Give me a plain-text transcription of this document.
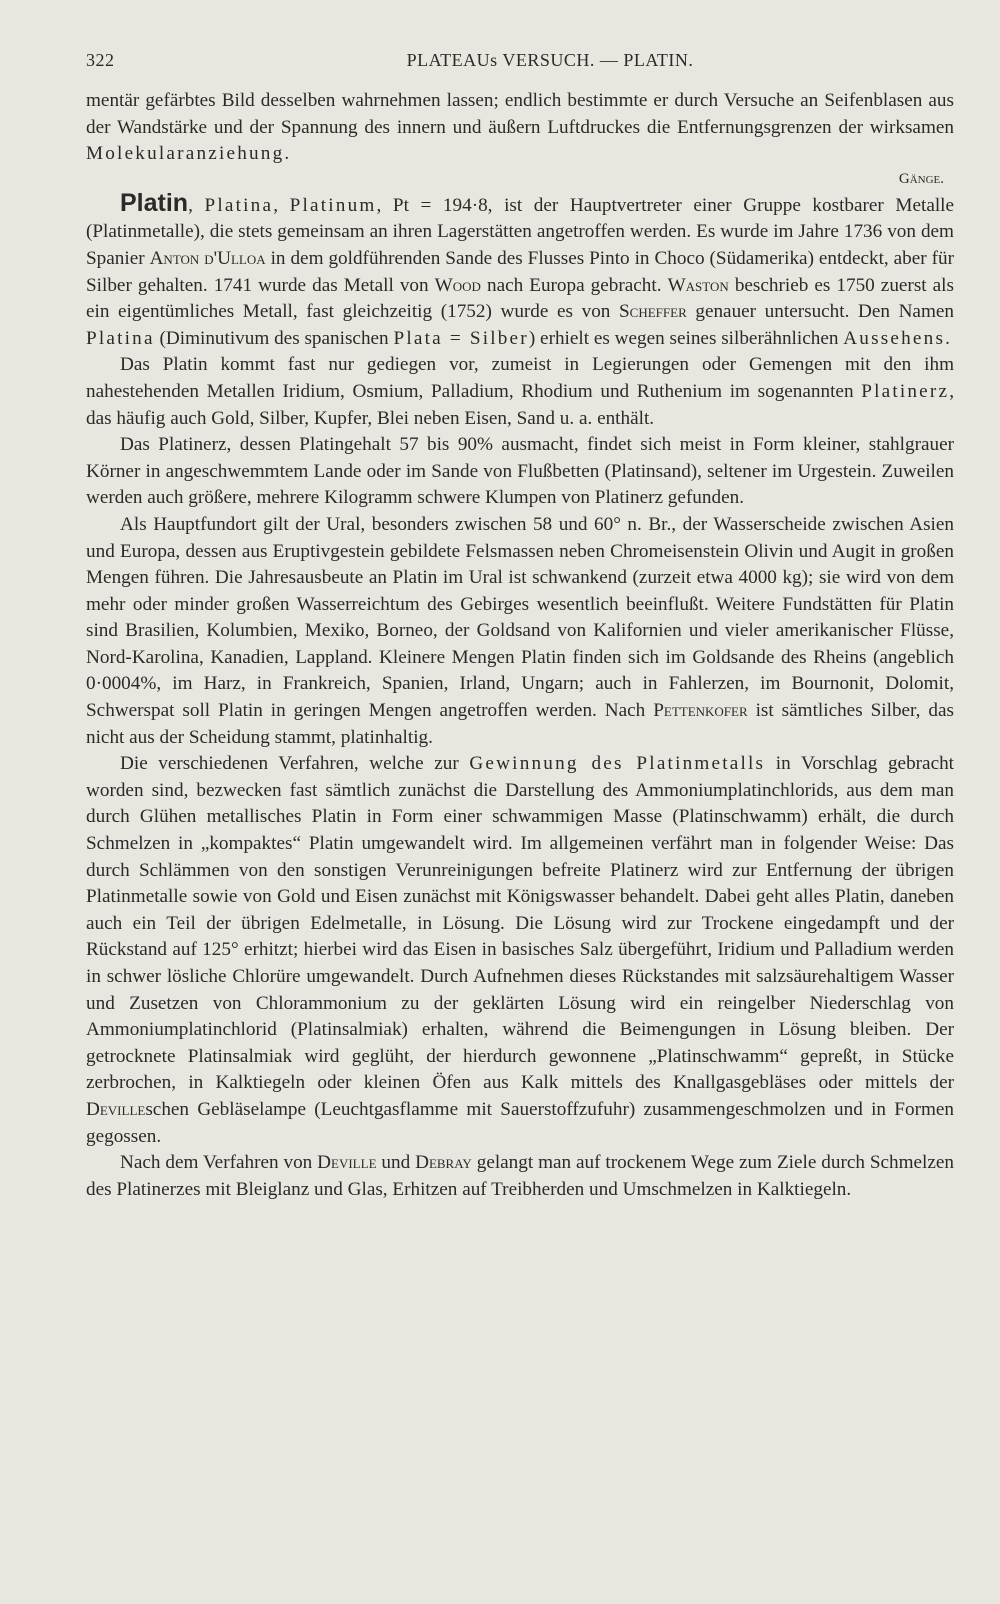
322	PLATEAUs VERSUCH. — PLATIN.

mentär gefärbtes Bild desselben wahrnehmen lassen; endlich bestimmte er durch Versuche an Seifenblasen aus der Wandstärke und der Spannung des innern und äußern Luftdruckes die Entfernungsgrenzen der wirksamen Molekularanziehung.

Gänge.

Platin, Platina, Platinum, Pt = 194·8, ist der Hauptvertreter einer Gruppe kostbarer Metalle (Platinmetalle), die stets gemeinsam an ihren Lagerstätten angetroffen werden. Es wurde im Jahre 1736 von dem Spanier Anton d'Ulloa in dem goldführenden Sande des Flusses Pinto in Choco (Südamerika) entdeckt, aber für Silber gehalten. 1741 wurde das Metall von Wood nach Europa gebracht. Waston beschrieb es 1750 zuerst als ein eigentümliches Metall, fast gleichzeitig (1752) wurde es von Scheffer genauer untersucht. Den Namen Platina (Diminutivum des spanischen Plata = Silber) erhielt es wegen seines silberähnlichen Aussehens.

Das Platin kommt fast nur gediegen vor, zumeist in Legierungen oder Gemengen mit den ihm nahestehenden Metallen Iridium, Osmium, Palladium, Rhodium und Ruthenium im sogenannten Platinerz, das häufig auch Gold, Silber, Kupfer, Blei neben Eisen, Sand u. a. enthält.

Das Platinerz, dessen Platingehalt 57 bis 90% ausmacht, findet sich meist in Form kleiner, stahlgrauer Körner in angeschwemmtem Lande oder im Sande von Flußbetten (Platinsand), seltener im Urgestein. Zuweilen werden auch größere, mehrere Kilogramm schwere Klumpen von Platinerz gefunden.

Als Hauptfundort gilt der Ural, besonders zwischen 58 und 60° n. Br., der Wasserscheide zwischen Asien und Europa, dessen aus Eruptivgestein gebildete Felsmassen neben Chromeisenstein Olivin und Augit in großen Mengen führen. Die Jahresausbeute an Platin im Ural ist schwankend (zurzeit etwa 4000 kg); sie wird von dem mehr oder minder großen Wasserreichtum des Gebirges wesentlich beeinflußt. Weitere Fundstätten für Platin sind Brasilien, Kolumbien, Mexiko, Borneo, der Goldsand von Kalifornien und vieler amerikanischer Flüsse, Nord-Karolina, Kanadien, Lappland. Kleinere Mengen Platin finden sich im Goldsande des Rheins (angeblich 0·0004%, im Harz, in Frankreich, Spanien, Irland, Ungarn; auch in Fahlerzen, im Bournonit, Dolomit, Schwerspat soll Platin in geringen Mengen angetroffen werden. Nach Pettenkofer ist sämtliches Silber, das nicht aus der Scheidung stammt, platinhaltig.

Die verschiedenen Verfahren, welche zur Gewinnung des Platinmetalls in Vorschlag gebracht worden sind, bezwecken fast sämtlich zunächst die Darstellung des Ammoniumplatinchlorids, aus dem man durch Glühen metallisches Platin in Form einer schwammigen Masse (Platinschwamm) erhält, die durch Schmelzen in „kompaktes“ Platin umgewandelt wird. Im allgemeinen verfährt man in folgender Weise: Das durch Schlämmen von den sonstigen Verunreinigungen befreite Platinerz wird zur Entfernung der übrigen Platinmetalle sowie von Gold und Eisen zunächst mit Königswasser behandelt. Dabei geht alles Platin, daneben auch ein Teil der übrigen Edelmetalle, in Lösung. Die Lösung wird zur Trockene eingedampft und der Rückstand auf 125° erhitzt; hierbei wird das Eisen in basisches Salz übergeführt, Iridium und Palladium werden in schwer lösliche Chlorüre umgewandelt. Durch Aufnehmen dieses Rückstandes mit salzsäurehaltigem Wasser und Zusetzen von Chlorammonium zu der geklärten Lösung wird ein reingelber Niederschlag von Ammoniumplatinchlorid (Platinsalmiak) erhalten, während die Beimengungen in Lösung bleiben. Der getrocknete Platinsalmiak wird geglüht, der hierdurch gewonnene „Platinschwamm“ gepreßt, in Stücke zerbrochen, in Kalktiegeln oder kleinen Öfen aus Kalk mittels des Knallgasgebläses oder mittels der Devilleschen Gebläselampe (Leuchtgasflamme mit Sauerstoffzufuhr) zusammengeschmolzen und in Formen gegossen.

Nach dem Verfahren von Deville und Debray gelangt man auf trockenem Wege zum Ziele durch Schmelzen des Platinerzes mit Bleiglanz und Glas, Erhitzen auf Treibherden und Umschmelzen in Kalktiegeln.
